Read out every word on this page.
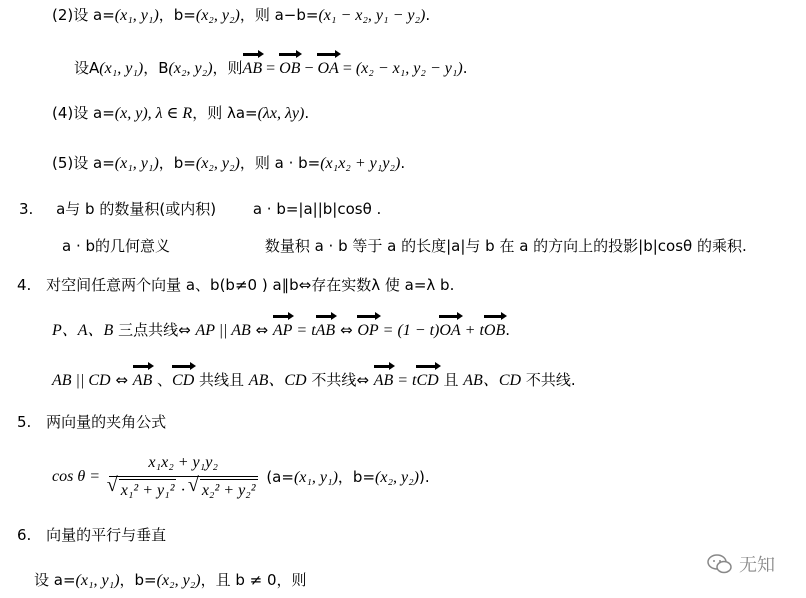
(2)设 a=(x₁, y₁)，b=(x₂, y₂)，则 a−b=(x₁ − x₂, y₁ − y₂).
设A(x₁, y₁)，B(x₂, y₂)，则AB = OB − OA = (x₂ − x₁, y₂ − y₁).
(4)设 a=(x, y), λ ∈ R，则 λa=(λx, λy).
(5)设 a=(x₁, y₁)，b=(x₂, y₂)，则 a · b=(x₁x₂ + y₁y₂).
3. a与 b 的数量积(或内积) a · b=|a||b|cosθ .
a · b的几何意义	数量积 a · b 等于 a 的长度|a|与 b 在 a 的方向上的投影|b|cosθ 的乘积.
4. 对空间任意两个向量 a、b(b≠0 ) a∥b⇔存在实数λ 使 a=λ b.
P、A、B 三点共线⇔ AP || AB ⇔ AP = tAB ⇔ OP = (1 − t)OA + tOB.
AB || CD ⇔ AB 、CD 共线且 AB、CD 不共线⇔ AB = tCD 且 AB、CD 不共线.
5. 两向量的夹角公式
cos θ = x₁x₂ + y₁y₂
√ x₁² + y₁² · √ x₂² + y₂² (a=(x₁, y₁)，b=(x₂, y₂)).
6. 向量的平行与垂直
设 a=(x₁, y₁)，b=(x₂, y₂)，且 b ≠ 0，则
无知
